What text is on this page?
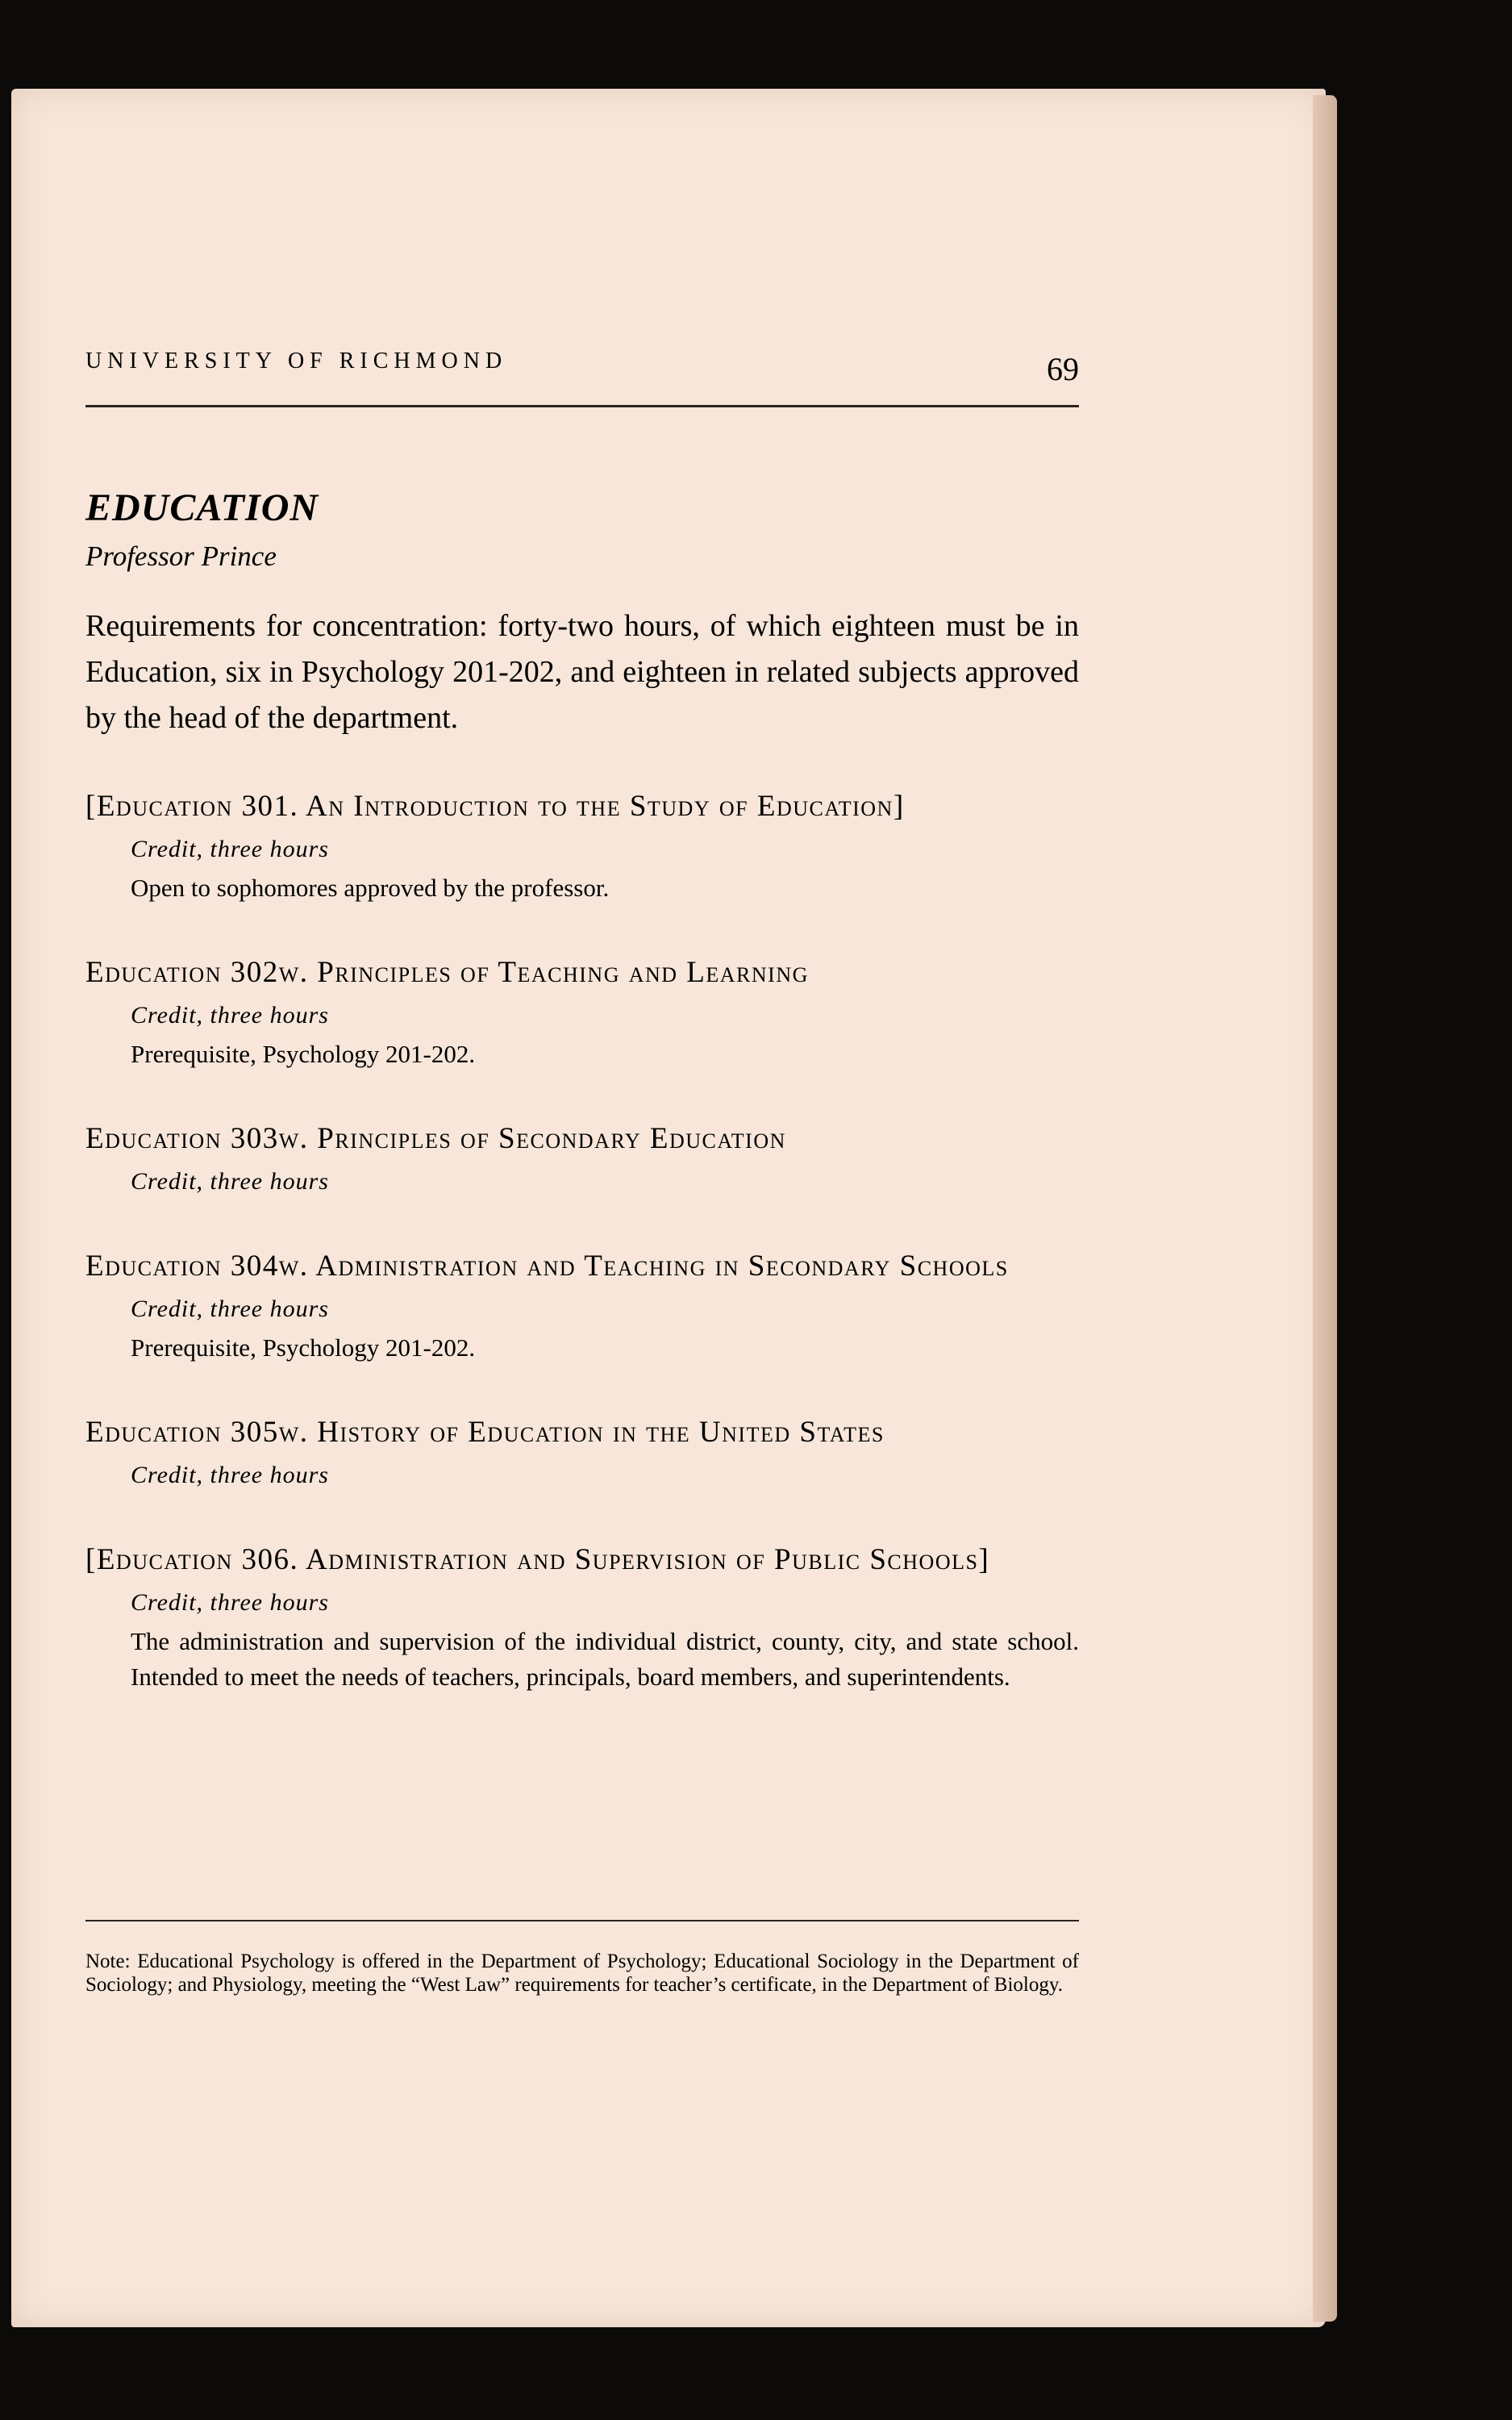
UNIVERSITY OF RICHMOND	69
EDUCATION

Professor Prince

Requirements for concentration: forty-two hours, of which eighteen must be in Education, six in Psychology 201-202, and eighteen in related subjects approved by the head of the department.

[Education 301. An Introduction to the Study of Education]

Credit, three hours

Open to sophomores approved by the professor.

Education 302w. Principles of Teaching and Learning

Credit, three hours

Prerequisite, Psychology 201-202.

Education 303w. Principles of Secondary Education

Credit, three hours

Education 304w. Administration and Teaching in Secondary Schools

Credit, three hours

Prerequisite, Psychology 201-202.

Education 305w. History of Education in the United States

Credit, three hours

[Education 306. Administration and Supervision of Public Schools]

Credit, three hours

The administration and supervision of the individual district, county, city, and state school. Intended to meet the needs of teachers, principals, board members, and superintendents.

Note: Educational Psychology is offered in the Department of Psychology; Educational Sociology in the Department of Sociology; and Physiology, meeting the “West Law” requirements for teacher’s certificate, in the Department of Biology.
